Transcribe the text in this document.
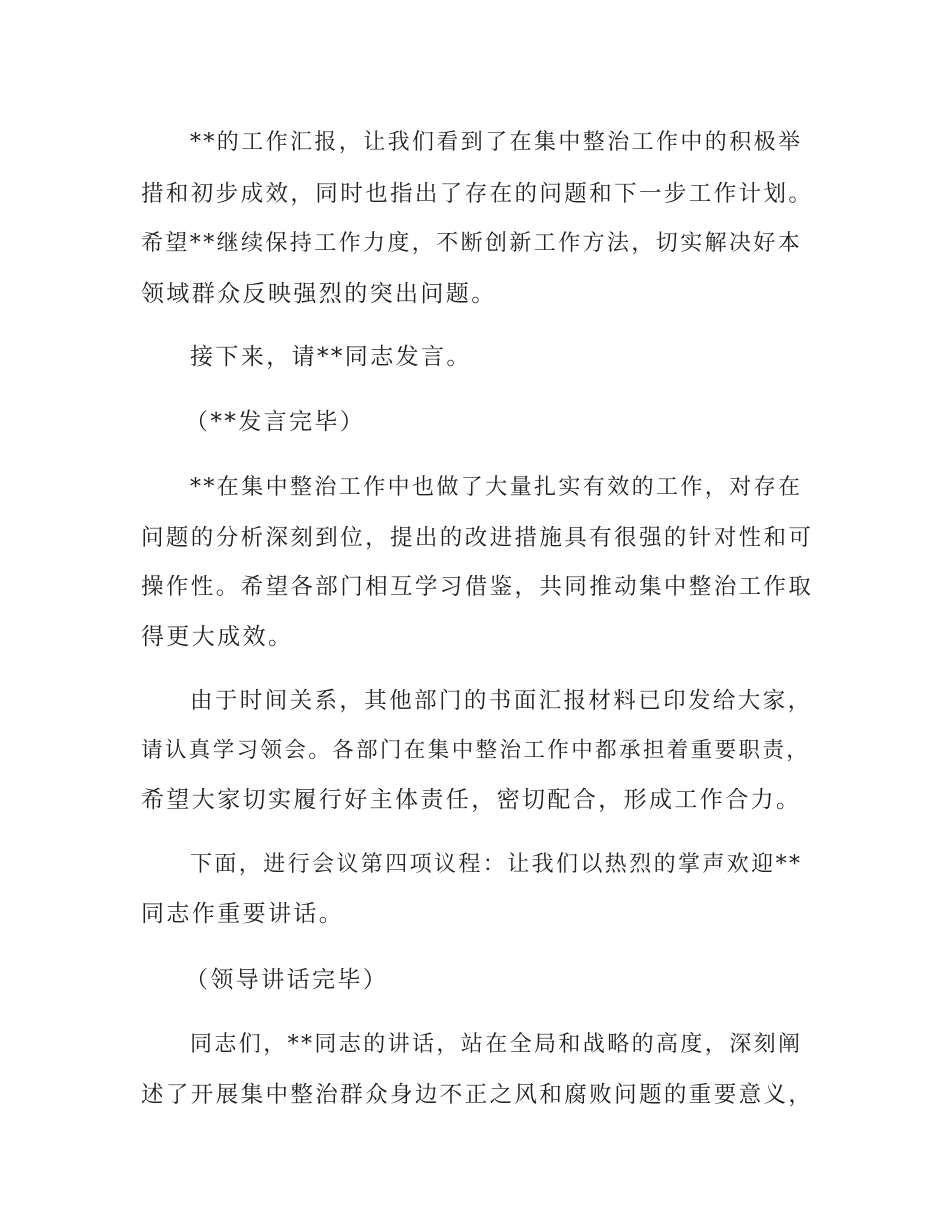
**的工作汇报，让我们看到了在集中整治工作中的积极举
措和初步成效，同时也指出了存在的问题和下一步工作计划。
希望**继续保持工作力度，不断创新工作方法，切实解决好本
领域群众反映强烈的突出问题。
接下来，请**同志发言。
（**发言完毕）
**在集中整治工作中也做了大量扎实有效的工作，对存在
问题的分析深刻到位，提出的改进措施具有很强的针对性和可
操作性。希望各部门相互学习借鉴，共同推动集中整治工作取
得更大成效。
由于时间关系，其他部门的书面汇报材料已印发给大家，
请认真学习领会。各部门在集中整治工作中都承担着重要职责，
希望大家切实履行好主体责任，密切配合，形成工作合力。
下面，进行会议第四项议程：让我们以热烈的掌声欢迎**
同志作重要讲话。
（领导讲话完毕）
同志们，**同志的讲话，站在全局和战略的高度，深刻阐
述了开展集中整治群众身边不正之风和腐败问题的重要意义，
